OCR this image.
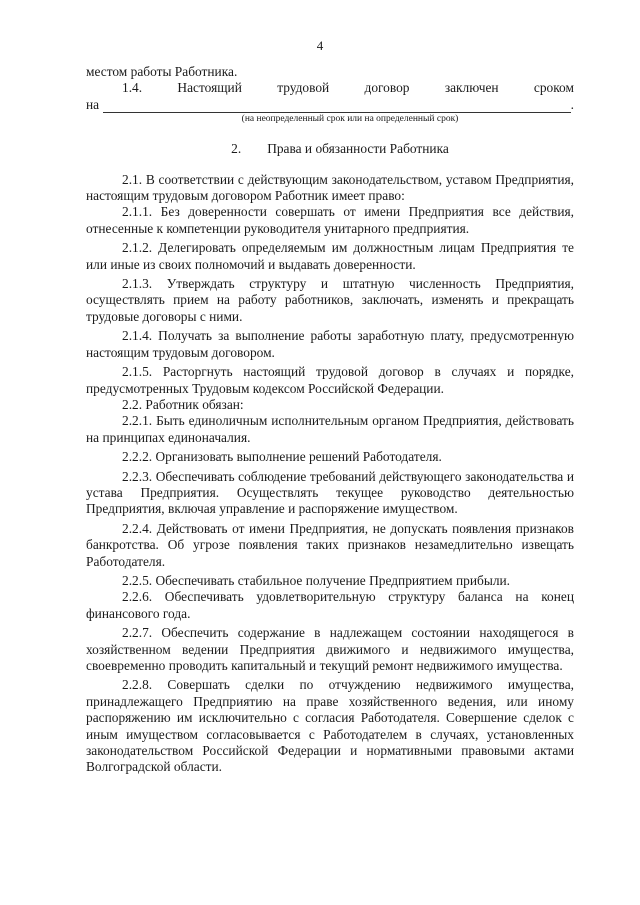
4

местом работы Работника.

1.4.	Настоящий	трудовой	договор	заключен	сроком
на	.
(на неопределенный срок или на определенный срок)
2. Права и обязанности Работника

2.1. В соответствии с действующим законодательством, уставом Предприятия, настоящим трудовым договором Работник имеет право:

2.1.1. Без доверенности совершать от имени Предприятия все действия, отнесенные к компетенции руководителя унитарного предприятия.

2.1.2. Делегировать определяемым им должностным лицам Предприятия те или иные из своих полномочий и выдавать доверенности.

2.1.3. Утверждать структуру и штатную численность Предприятия, осуществлять прием на работу работников, заключать, изменять и прекращать трудовые договоры с ними.

2.1.4. Получать за выполнение работы заработную плату, предусмотренную настоящим трудовым договором.

2.1.5. Расторгнуть настоящий трудовой договор в случаях и порядке, предусмотренных Трудовым кодексом Российской Федерации.

2.2. Работник обязан:

2.2.1. Быть единоличным исполнительным органом Предприятия, действовать на принципах единоначалия.

2.2.2. Организовать выполнение решений Работодателя.

2.2.3. Обеспечивать соблюдение требований действующего законодательства и устава Предприятия. Осуществлять текущее руководство деятельностью Предприятия, включая управление и распоряжение имуществом.

2.2.4. Действовать от имени Предприятия, не допускать появления признаков банкротства. Об угрозе появления таких признаков незамедлительно извещать Работодателя.

2.2.5. Обеспечивать стабильное получение Предприятием прибыли.

2.2.6. Обеспечивать удовлетворительную структуру баланса на конец финансового года.

2.2.7. Обеспечить содержание в надлежащем состоянии находящегося в хозяйственном ведении Предприятия движимого и недвижимого имущества, своевременно проводить капитальный и текущий ремонт недвижимого имущества.

2.2.8. Совершать сделки по отчуждению недвижимого имущества, принадлежащего Предприятию на праве хозяйственного ведения, или иному распоряжению им исключительно с согласия Работодателя. Совершение сделок с иным имуществом согласовывается с Работодателем в случаях, установленных законодательством Российской Федерации и нормативными правовыми актами Волгоградской области.
